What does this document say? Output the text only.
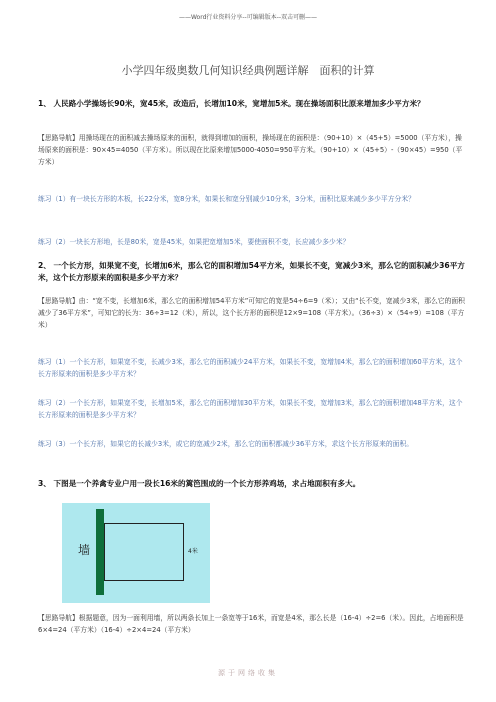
——Word行业资料分享--可编辑版本--双击可删——
小学四年级奥数几何知识经典例题详解　面积的计算
1、 人民路小学操场长90米，宽45米，改造后，长增加10米，宽增加5米。现在操场面积比原来增加多少平方米？
【思路导航】用操场现在的面积减去操场原来的面积，就得到增加的面积，操场现在的面积是：（90+10）×（45+5）=5000（平方米），操场原来的面积是：90×45=4050（平方米）。所以现在比原来增加5000-4050=950平方米。（90+10）×（45+5）-（90×45）=950（平方米）
练习（1）有一块长方形的木板，长22分米，宽8分米，如果长和宽分别减少10分米，3分米，面积比原来减少多少平方分米？
练习（2）一块长方形地，长是80米，宽是45米，如果把宽增加5米，要使面积不变，长应减少多少米？
2、 一个长方形，如果宽不变，长增加6米，那么它的面积增加54平方米，如果长不变，宽减少3米，那么它的面积减少36平方米，这个长方形原来的面积是多少平方米？
【思路导航】由：“宽不变，长增加6米，那么它的面积增加54平方米”可知它的宽是54÷6=9（米）；又由“长不变，宽减少3米，那么它的面积减少了36平方米”，可知它的长为：36÷3=12（米），所以，这个长方形的面积是12×9=108（平方米）。（36÷3）×（54÷9）=108（平方米）
练习（1）一个长方形，如果宽不变，长减少3米，那么它的面积减少24平方米，如果长不变，宽增加4米，那么它的面积增加60平方米，这个长方形原来的面积是多少平方米？
练习（2）一个长方形，如果宽不变，长增加5米，那么它的面积增加30平方米，如果长不变，宽增加3米，那么它的面积增加48平方米，这个长方形原来的面积是多少平方米？
练习（3）一个长方形，如果它的长减少3米，或它的宽减少2米，那么它的面积都减少36平方米，求这个长方形原来的面积。
3、 下图是一个养禽专业户用一段长16米的篱笆围成的一个长方形养鸡场，求占地面积有多大。
墙	4米
【思路导航】根据题意，因为一面利用墙，所以两条长加上一条宽等于16米，而宽是4米，那么长是（16-4）÷2=6（米）。因此，占地面积是6×4=24（平方米）（16-4）÷2×4=24（平方米）
源于网络收集
